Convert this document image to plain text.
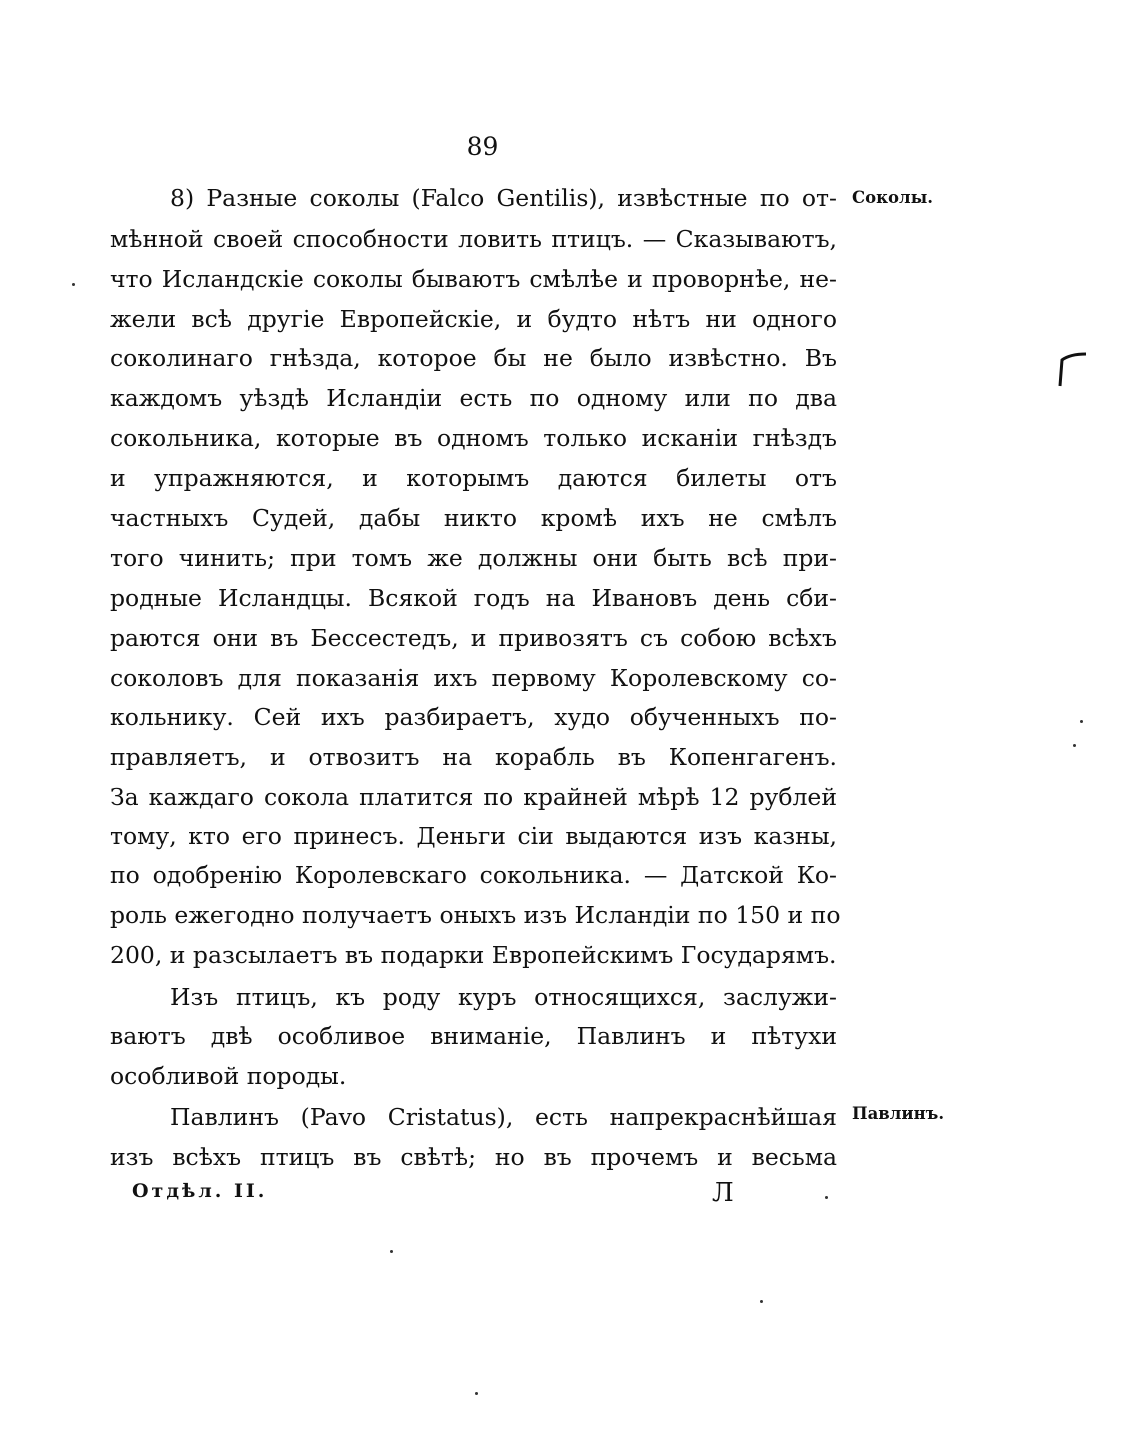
89
8) Разные соколы (Falco Gentilis), извѣстные по от-
мѣнной своей способности ловить птицъ. — Сказываютъ,
что Исландскіе соколы бываютъ смѣлѣе и проворнѣе, не-
жели всѣ другіе Европейскіе, и будто нѣтъ ни одного
соколинаго гнѣзда, которое бы не было извѣстно. Въ
каждомъ уѣздѣ Исландіи есть по одному или по два
сокольника, которые въ одномъ только исканіи гнѣздъ
и упражняются, и которымъ даются билеты отъ
частныхъ Судей, дабы никто кромѣ ихъ не смѣлъ
того чинить; при томъ же должны они быть всѣ при-
родные Исландцы. Всякой годъ на Ивановъ день сби-
раются они въ Бессестедъ, и привозятъ съ собою всѣхъ
соколовъ для показанія ихъ первому Королевскому со-
кольнику. Сей ихъ разбираетъ, худо обученныхъ по-
правляетъ, и отвозитъ на корабль въ Копенгагенъ.
За каждаго сокола платится по крайней мѣрѣ 12 рублей
тому, кто его принесъ. Деньги сіи выдаются изъ казны,
по одобренію Королевскаго сокольника. — Датской Ко-
роль ежегодно получаетъ оныхъ изъ Исландіи по 150 и по
200, и разсылаетъ въ подарки Европейскимъ Государямъ.
Изъ птицъ, къ роду куръ относящихся, заслужи-
ваютъ двѣ особливое вниманіе, Павлинъ и пѣтухи
особливой породы.
Павлинъ (Pavo Cristatus), есть напрекраснѣйшая
изъ всѣхъ птицъ въ свѣтѣ; но въ прочемъ и весьма
Соколы.
Павлинъ.
Отдѣл. II.	Л
